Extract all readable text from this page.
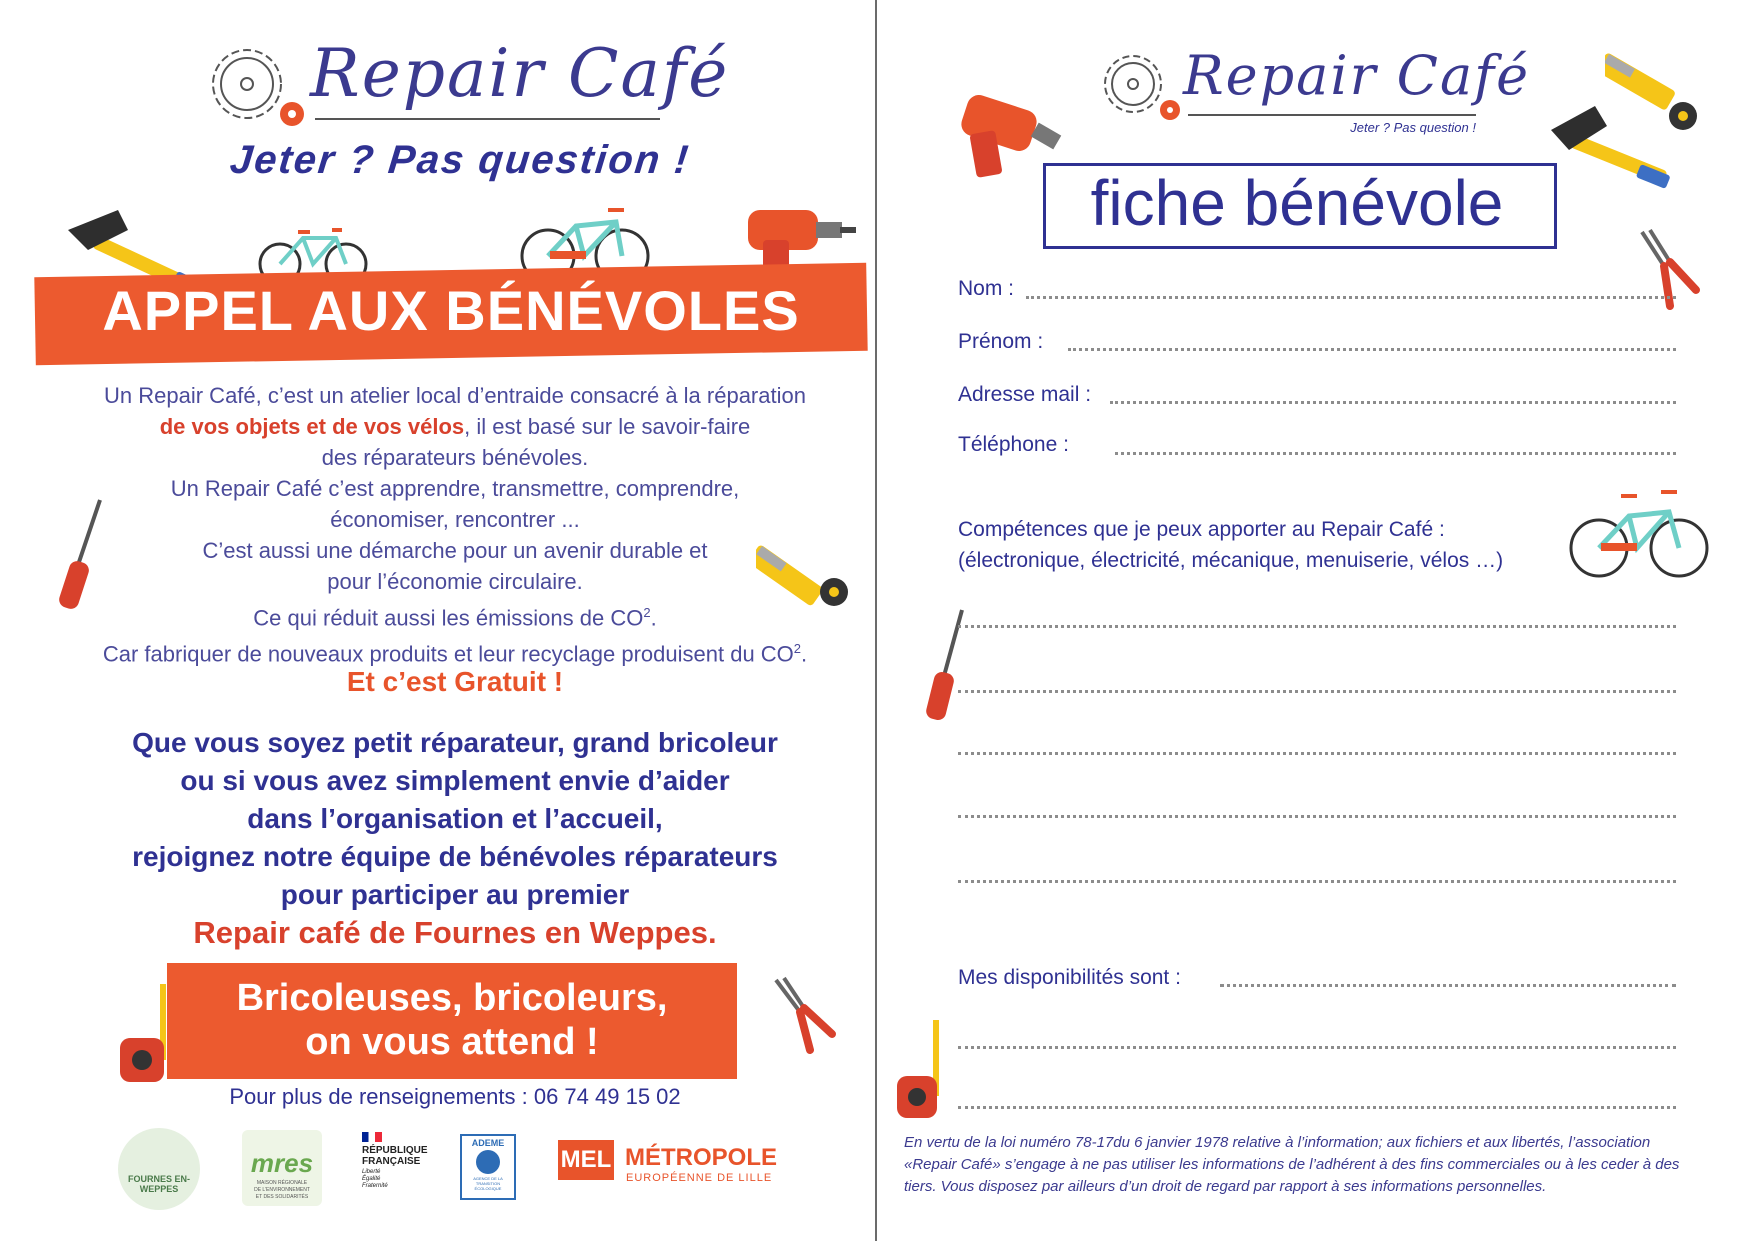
Repair Café
Jeter ? Pas question !
APPEL AUX BÉNÉVOLES

Un Repair Café, c’est un atelier local d’entraide consacré à la réparation

de vos objets et de vos vélos, il est basé sur le savoir-faire

des réparateurs bénévoles.

Un Repair Café c’est apprendre, transmettre, comprendre,

économiser, rencontrer ...

C’est aussi une démarche pour un avenir durable et

pour l’économie circulaire.

Ce qui réduit aussi les émissions de $CO^2$.

Car fabriquer de nouveaux produits et leur recyclage produisent du $CO^2$.

Et c’est Gratuit !

Que vous soyez petit réparateur, grand bricoleur

ou si vous avez simplement envie d’aider

dans l’organisation et l’accueil,

rejoignez notre équipe de bénévoles réparateurs

pour participer au premier

Repair café de Fournes en Weppes.

Bricoleuses, bricoleurs,
on vous attend !
Pour plus de renseignements : 06 74 49 15 02
FOURNES EN-WEPPES
mres
MAISON RÉGIONALE
DE L’ENVIRONNEMENT
ET DES SOLIDARITÉS
RÉPUBLIQUE
FRANÇAISE
Liberté
Égalité
Fraternité
ADEME
AGENCE DE LA TRANSITION ÉCOLOGIQUE
MEL MÉTROPOLE
EUROPÉENNE DE LILLE
Repair Café
Jeter ? Pas question !
fiche bénévole
Nom :
Prénom :
Adresse mail :
Téléphone :
Compétences que je peux apporter au Repair Café :
(électronique, électricité, mécanique, menuiserie, vélos …)
Mes disponibilités sont :
En vertu de la loi numéro 78-17du 6 janvier 1978 relative à l’information; aux fichiers et aux libertés, l’association «Repair Café» s’engage à ne pas utiliser les informations de l’adhérent à des fins commerciales ou à les ceder à des tiers. Vous disposez par ailleurs d’un droit de regard par rapport à ses informations personnelles.
